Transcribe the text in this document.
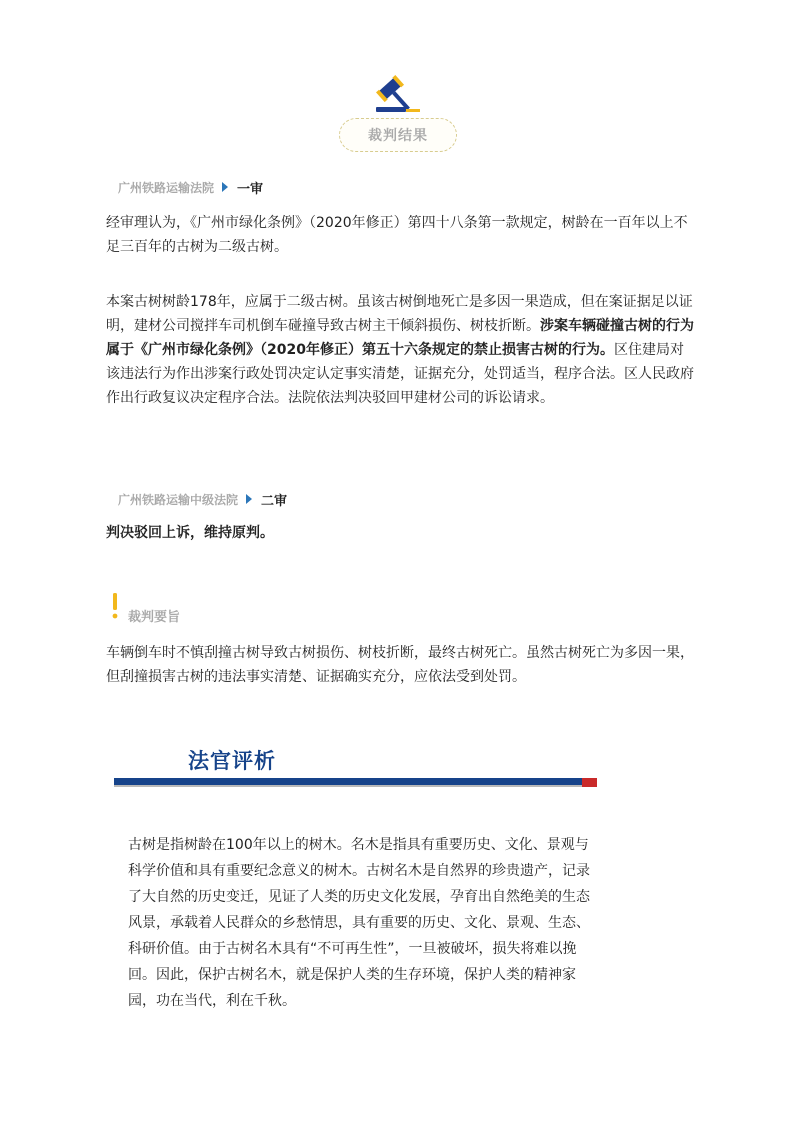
裁判结果
广州铁路运输法院 一审

经审理认为，《广州市绿化条例》（2020年修正）第四十八条第一款规定，树龄在一百年以上不足三百年的古树为二级古树。

本案古树树龄178年，应属于二级古树。虽该古树倒地死亡是多因一果造成，但在案证据足以证明，建材公司搅拌车司机倒车碰撞导致古树主干倾斜损伤、树枝折断。涉案车辆碰撞古树的行为属于《广州市绿化条例》（2020年修正）第五十六条规定的禁止损害古树的行为。区住建局对该违法行为作出涉案行政处罚决定认定事实清楚，证据充分，处罚适当，程序合法。区人民政府作出行政复议决定程序合法。法院依法判决驳回甲建材公司的诉讼请求。

广州铁路运输中级法院 二审

判决驳回上诉，维持原判。

裁判要旨

车辆倒车时不慎刮撞古树导致古树损伤、树枝折断，最终古树死亡。虽然古树死亡为多因一果，但刮撞损害古树的违法事实清楚、证据确实充分，应依法受到处罚。

法官评析

古树是指树龄在100年以上的树木。名木是指具有重要历史、文化、景观与科学价值和具有重要纪念意义的树木。古树名木是自然界的珍贵遗产，记录了大自然的历史变迁，见证了人类的历史文化发展，孕育出自然绝美的生态风景，承载着人民群众的乡愁情思，具有重要的历史、文化、景观、生态、科研价值。由于古树名木具有“不可再生性”，一旦被破坏，损失将难以挽回。因此，保护古树名木，就是保护人类的生存环境，保护人类的精神家园，功在当代，利在千秋。
